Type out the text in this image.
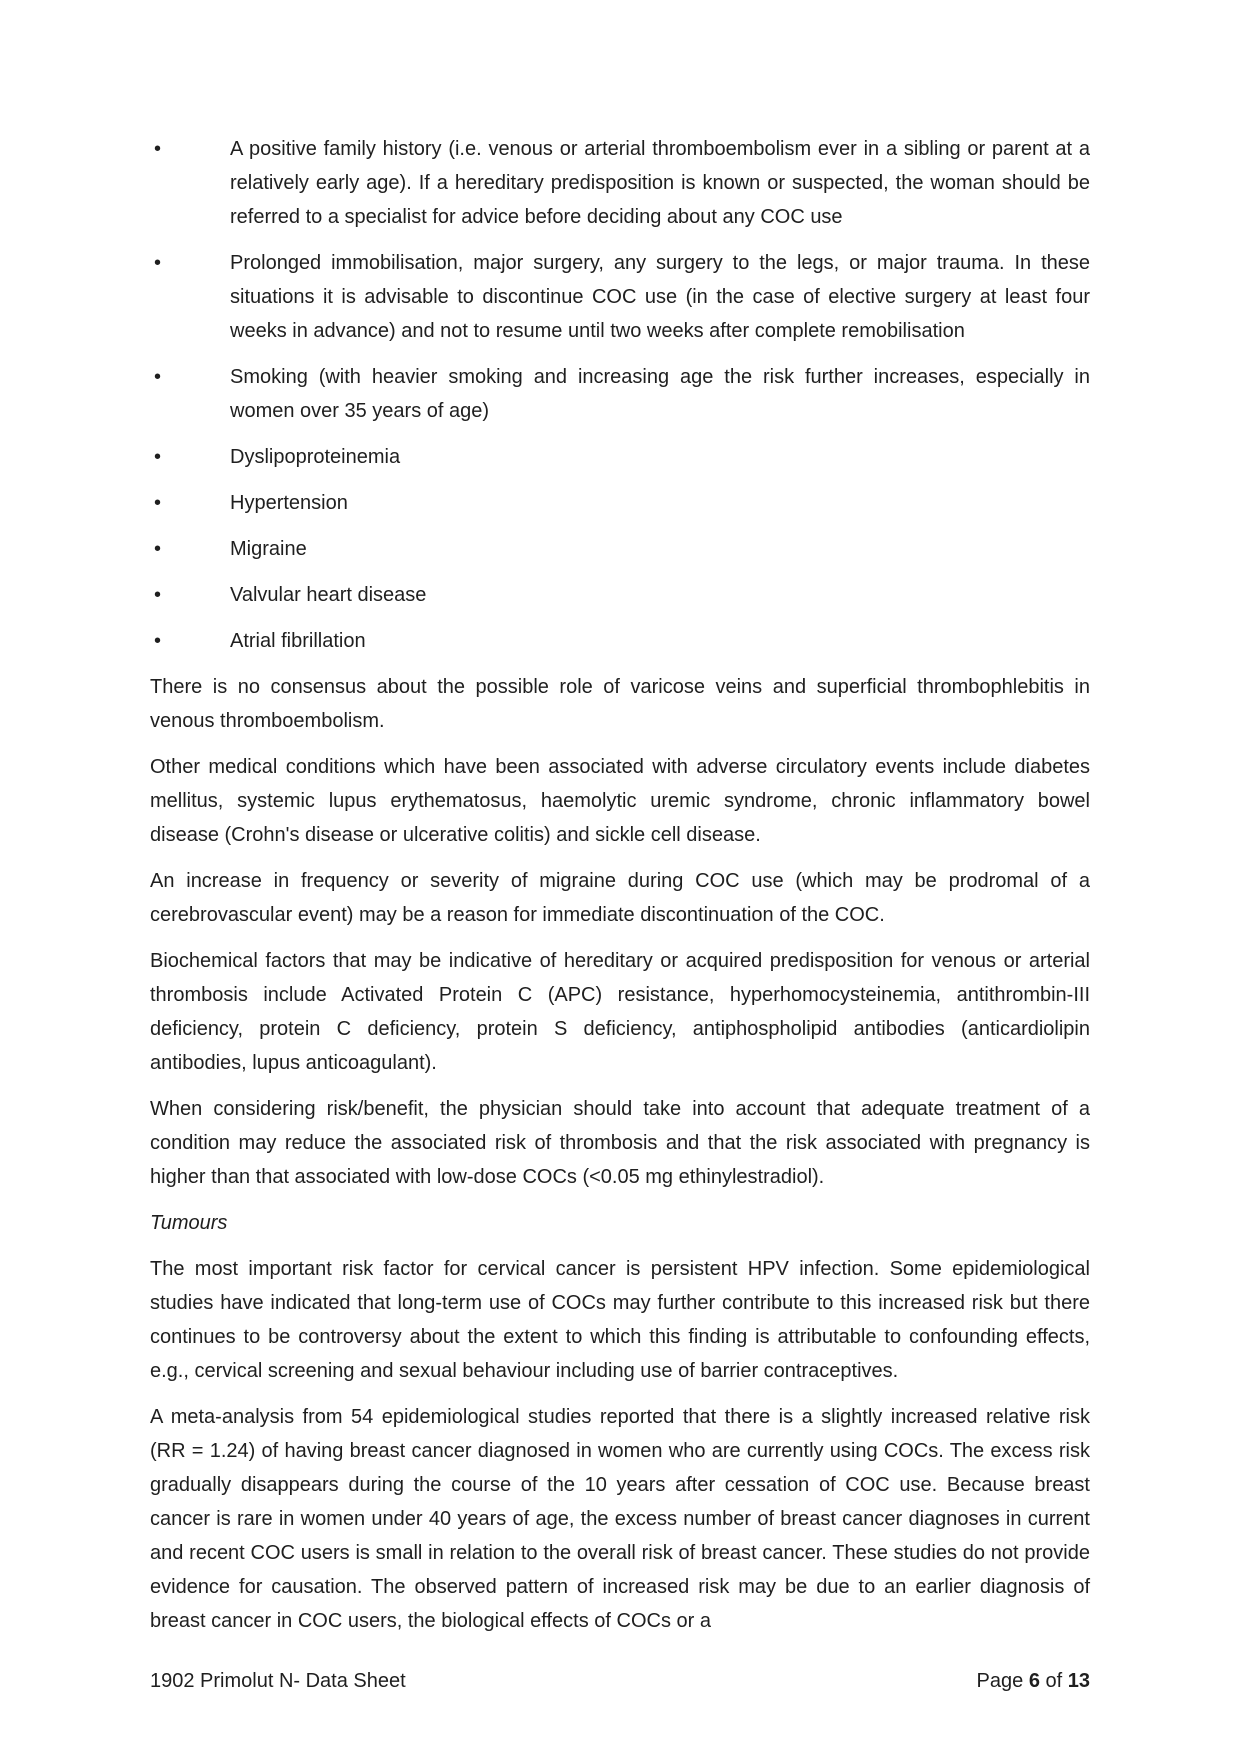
•	A positive family history (i.e. venous or arterial thromboembolism ever in a sibling or parent at a relatively early age). If a hereditary predisposition is known or suspected, the woman should be referred to a specialist for advice before deciding about any COC use
•	Prolonged immobilisation, major surgery, any surgery to the legs, or major trauma. In these situations it is advisable to discontinue COC use (in the case of elective surgery at least four weeks in advance) and not to resume until two weeks after complete remobilisation
•	Smoking (with heavier smoking and increasing age the risk further increases, especially in women over 35 years of age)
•	Dyslipoproteinemia
•	Hypertension
•	Migraine
•	Valvular heart disease
•	Atrial fibrillation

There is no consensus about the possible role of varicose veins and superficial thrombophlebitis in venous thromboembolism.

Other medical conditions which have been associated with adverse circulatory events include diabetes mellitus, systemic lupus erythematosus, haemolytic uremic syndrome, chronic inflammatory bowel disease (Crohn's disease or ulcerative colitis) and sickle cell disease.

An increase in frequency or severity of migraine during COC use (which may be prodromal of a cerebrovascular event) may be a reason for immediate discontinuation of the COC.

Biochemical factors that may be indicative of hereditary or acquired predisposition for venous or arterial thrombosis include Activated Protein C (APC) resistance, hyperhomocysteinemia, antithrombin-III deficiency, protein C deficiency, protein S deficiency, antiphospholipid antibodies (anticardiolipin antibodies, lupus anticoagulant).

When considering risk/benefit, the physician should take into account that adequate treatment of a condition may reduce the associated risk of thrombosis and that the risk associated with pregnancy is higher than that associated with low-dose COCs (<0.05 mg ethinylestradiol).

Tumours

The most important risk factor for cervical cancer is persistent HPV infection. Some epidemiological studies have indicated that long-term use of COCs may further contribute to this increased risk but there continues to be controversy about the extent to which this finding is attributable to confounding effects, e.g., cervical screening and sexual behaviour including use of barrier contraceptives.

A meta-analysis from 54 epidemiological studies reported that there is a slightly increased relative risk (RR = 1.24) of having breast cancer diagnosed in women who are currently using COCs. The excess risk gradually disappears during the course of the 10 years after cessation of COC use. Because breast cancer is rare in women under 40 years of age, the excess number of breast cancer diagnoses in current and recent COC users is small in relation to the overall risk of breast cancer. These studies do not provide evidence for causation. The observed pattern of increased risk may be due to an earlier diagnosis of breast cancer in COC users, the biological effects of COCs or a

1902 Primolut N- Data Sheet	Page 6 of 13
